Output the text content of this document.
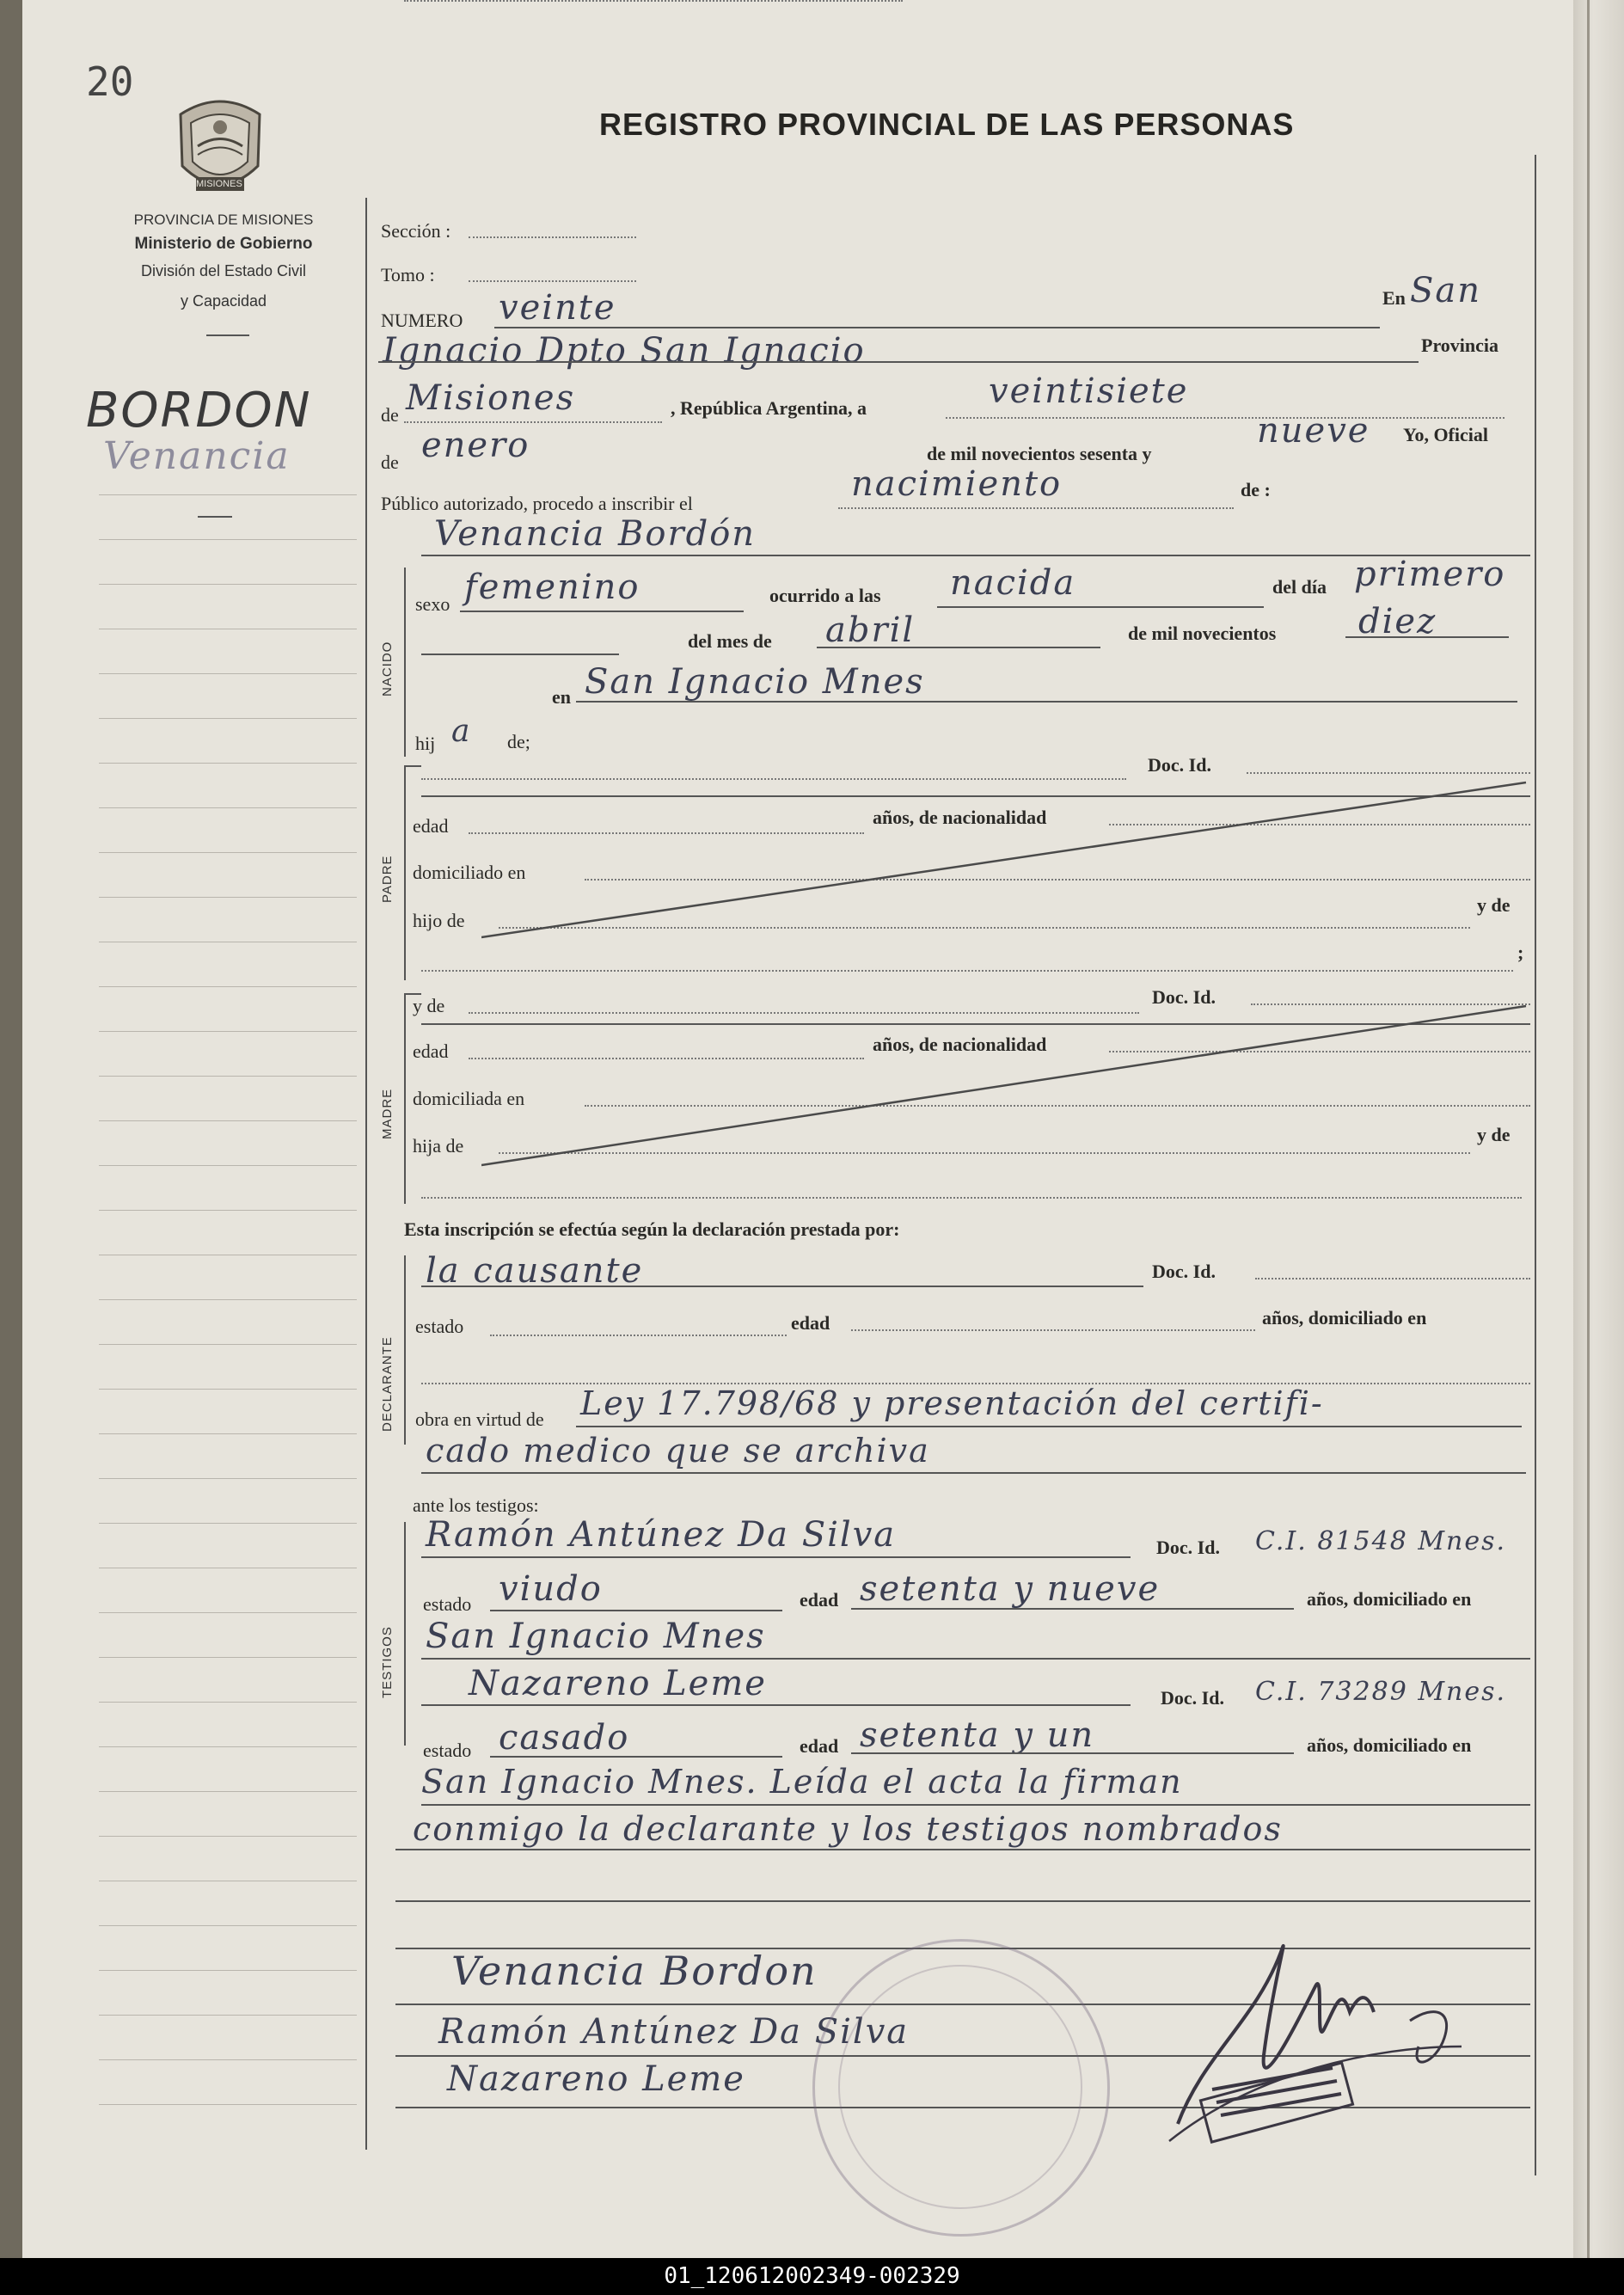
20
REGISTRO PROVINCIAL DE LAS PERSONAS
MISIONES
PROVINCIA DE MISIONES
Ministerio de Gobierno
División del Estado Civil
y Capacidad
BORDON
Venancia
NACIDO
PADRE
MADRE
DECLARANTE
TESTIGOS
Sección :
Tomo :
NUMERO veinte	En San
Ignacio Dpto San Ignacio	Provincia
de Misiones	, República Argentina, a	veintisiete
de enero	de mil novecientos sesenta y
nueve Yo, Oficial
Público autorizado, procedo a inscribir el	nacimiento	de :
Venancia Bordón
sexo femenino	ocurrido a las nacida	del día primero
del mes de abril	de mil novecientos diez
en San Ignacio Mnes
hij a de;
Doc. Id.
edad	años, de nacionalidad
domiciliado en
hijo de
y de
;
y de	Doc. Id.
edad	años, de nacionalidad
domiciliada en
hija de
y de
Esta inscripción se efectúa según la declaración prestada por:
la causante	Doc. Id.
estado	edad	años, domiciliado en
obra en virtud de Ley 17.798/68 y presentación del certifi-
cado medico que se archiva
ante los testigos:
Ramón Antúnez Da Silva	Doc. Id. C.I. 81548 Mnes.
estado viudo	edad setenta y nueve	años, domiciliado en
San Ignacio Mnes
Nazareno Leme	Doc. Id. C.I. 73289 Mnes.
estado casado	edad setenta y un	años, domiciliado en
San Ignacio Mnes. Leída el acta la firman
conmigo la declarante y los testigos nombrados
Venancia Bordon
Ramón Antúnez Da Silva
Nazareno Leme
01_120612002349-002329
